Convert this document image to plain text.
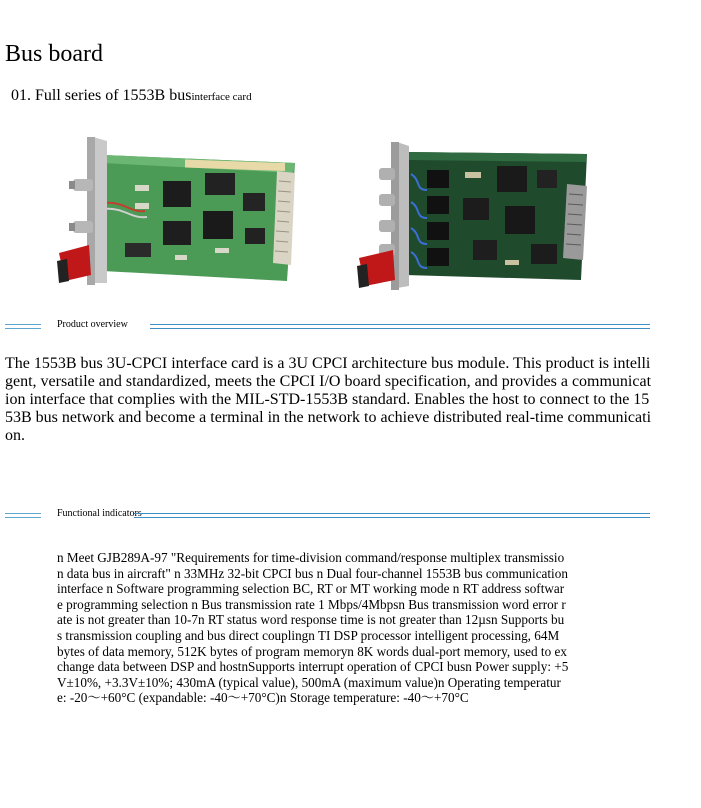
Bus board
01. Full series of 1553B businterface card
Product overview
The 1553B bus 3U-CPCI interface card is a 3U CPCI architecture bus module. This product is intelligent, versatile and standardized, meets the CPCI I/O board specification, and provides a communication interface that complies with the MIL-STD-1553B standard. Enables the host to connect to the 1553B bus network and become a terminal in the network to achieve distributed real-time communication.
Functional indicators
n Meet GJB289A-97 "Requirements for time-division command/response multiplex transmission data bus in aircraft" n 33MHz 32-bit CPCI bus n Dual four-channel 1553B bus communication interface n Software programming selection BC, RT or MT working mode n RT address software programming selection n Bus transmission rate 1 Mbps/4Mbpsn Bus transmission word error rate is not greater than 10-7n RT status word response time is not greater than 12µsn Supports bus transmission coupling and bus direct couplingn TI DSP processor intelligent processing, 64M bytes of data memory, 512K bytes of program memoryn 8K words dual-port memory, used to exchange data between DSP and hostnSupports interrupt operation of CPCI busn Power supply: +5V±10%, +3.3V±10%; 430mA (typical value), 500mA (maximum value)n Operating temperature: -20～+60°C (expandable: -40～+70°C)n Storage temperature: -40～+70°C
